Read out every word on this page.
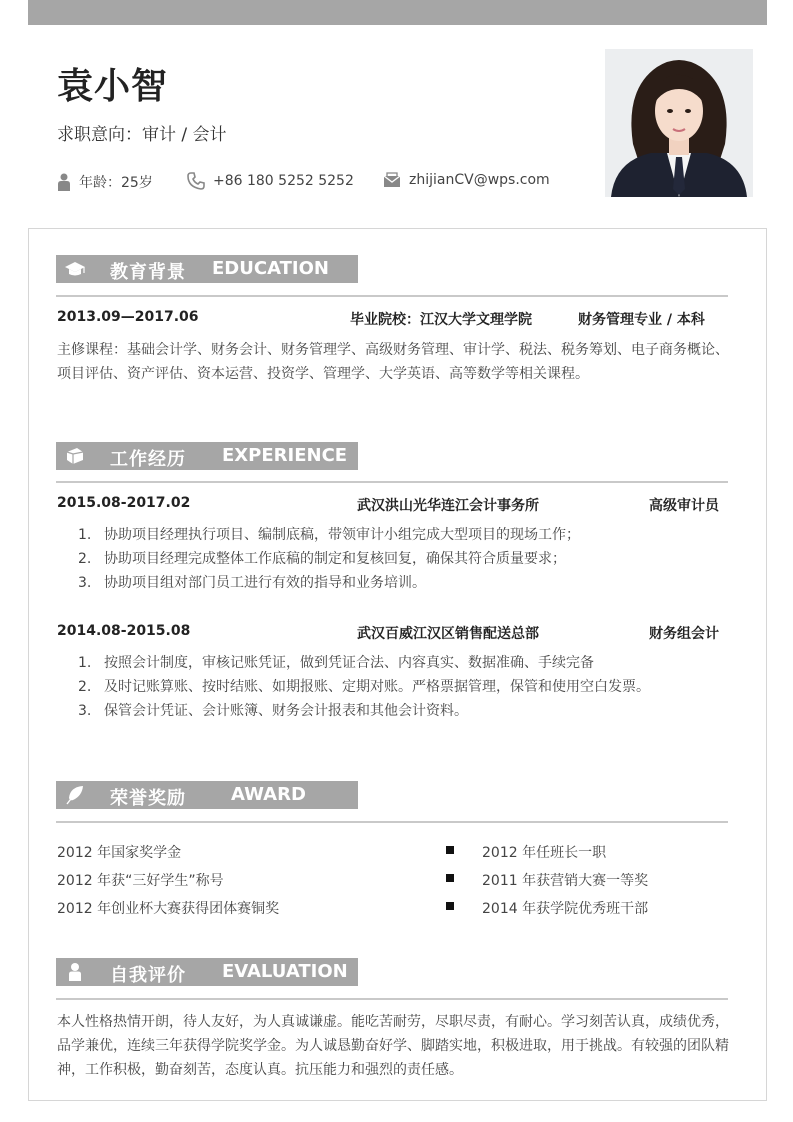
袁小智
求职意向：审计 / 会计
年龄：25岁	+86 180 5252 5252	zhijianCV@wps.com
教育背景 EDUCATION
2013.09—2017.06	毕业院校：江汉大学文理学院	财务管理专业 / 本科
主修课程：基础会计学、财务会计、财务管理学、高级财务管理、审计学、税法、税务筹划、电子商务概论、项目评估、资产评估、资本运营、投资学、管理学、大学英语、高等数学等相关课程。
工作经历 EXPERIENCE
2015.08-2017.02	武汉洪山光华连江会计事务所	高级审计员
1. 协助项目经理执行项目、编制底稿，带领审计小组完成大型项目的现场工作；
2. 协助项目经理完成整体工作底稿的制定和复核回复，确保其符合质量要求；
3. 协助项目组对部门员工进行有效的指导和业务培训。
2014.08-2015.08	武汉百威江汉区销售配送总部	财务组会计
1. 按照会计制度，审核记账凭证，做到凭证合法、内容真实、数据准确、手续完备
2. 及时记账算账、按时结账、如期报账、定期对账。严格票据管理，保管和使用空白发票。
3. 保管会计凭证、会计账簿、财务会计报表和其他会计资料。
荣誉奖励	AWARD
2012 年国家奖学金
2012 年获“三好学生”称号
2012 年创业杯大赛获得团体赛铜奖
2012 年任班长一职
2011 年获营销大赛一等奖
2014 年获学院优秀班干部
自我评价 EVALUATION
本人性格热情开朗，待人友好，为人真诚谦虚。能吃苦耐劳，尽职尽责，有耐心。学习刻苦认真，成绩优秀，品学兼优，连续三年获得学院奖学金。为人诚恳勤奋好学、脚踏实地，积极进取，用于挑战。有较强的团队精神，工作积极，勤奋刻苦，态度认真。抗压能力和强烈的责任感。
